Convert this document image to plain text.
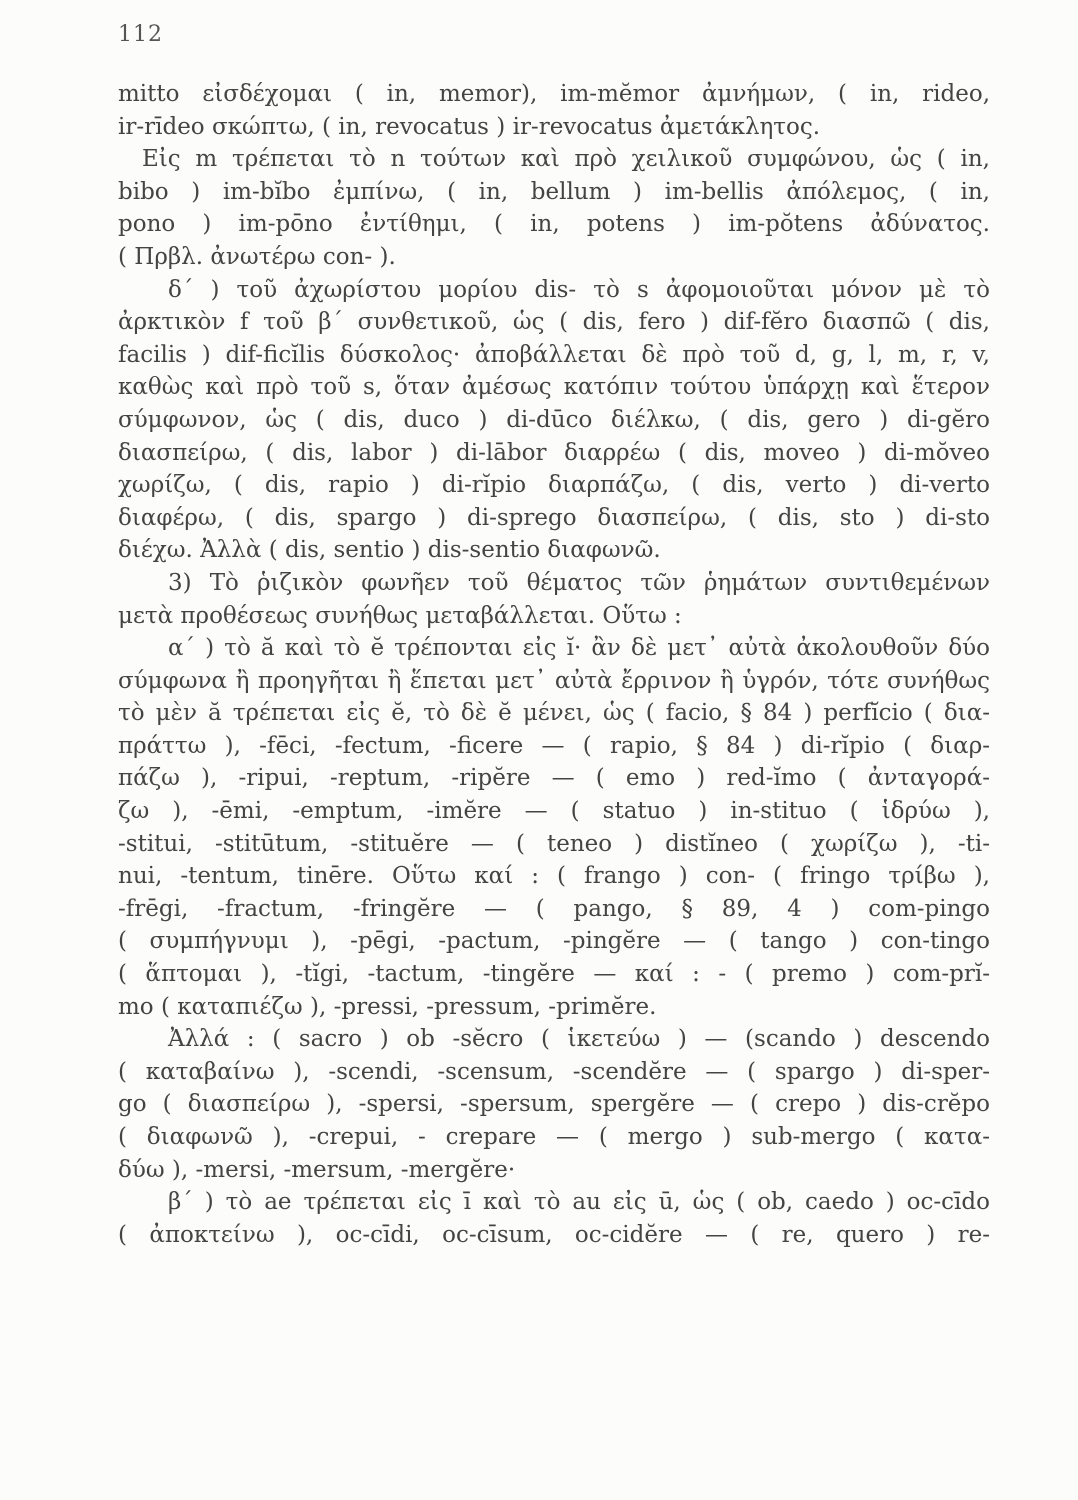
112
mitto εἰσδέχομαι ( in, memor), im-mĕmor ἀμνήμων, ( in, rideo,
ir-rīdeo σκώπτω, ( in, revocatus ) ir-revocatus ἀμετάκλητος.
Εἰς m τρέπεται τὸ n τούτων καὶ πρὸ χειλικοῦ συμφώνου, ὡς ( in,
bibo ) im-bĭbo ἐμπίνω, ( in, bellum ) im-bellis ἀπόλεμος, ( in,
pono ) im-pōno ἐντίθημι, ( in, potens ) im-pŏtens ἀδύνατος.
( Πρβλ. ἀνωτέρω con- ).
δ΄ ) τοῦ ἀχωρίστου μορίου dis- τὸ s ἀφομοιοῦται μόνον μὲ τὸ
ἀρκτικὸν f τοῦ β΄ συνθετικοῦ, ὡς ( dis, fero ) dif-fĕro διασπῶ ( dis,
facilis ) dif-ficĭlis δύσκολος· ἀποβάλλεται δὲ πρὸ τοῦ d, g, l, m, r, v,
καθὼς καὶ πρὸ τοῦ s, ὅταν ἀμέσως κατόπιν τούτου ὑπάρχῃ καὶ ἕτερον
σύμφωνον, ὡς ( dis, duco ) di-dūco διέλκω, ( dis, gero ) di-gĕro
διασπείρω, ( dis, labor ) di-lābor διαρρέω ( dis, moveo ) di-mŏveo
χωρίζω, ( dis, rapio ) di-rĭpio διαρπάζω, ( dis, verto ) di-verto
διαφέρω, ( dis, spargo ) di-sprego διασπείρω, ( dis, sto ) di-sto
διέχω. Ἀλλὰ ( dis, sentio ) dis-sentio διαφωνῶ.
3) Τὸ ῥιζικὸν φωνῆεν τοῦ θέματος τῶν ῥημάτων συντιθεμένων
μετὰ προθέσεως συνήθως μεταβάλλεται. Οὕτω :
α΄ ) τὸ ă καὶ τὸ ĕ τρέπονται εἰς ĭ· ἂν δὲ μετ᾽ αὐτὰ ἀκολουθοῦν δύο
σύμφωνα ἢ προηγῆται ἢ ἕπεται μετ᾽ αὐτὰ ἔρρινον ἢ ὑγρόν, τότε συνήθως
τὸ μὲν ă τρέπεται εἰς ĕ, τὸ δὲ ĕ μένει, ὡς ( facio, § 84 ) perfĭcio ( δια-
πράττω ), -fēci, -fectum, -ficere — ( rapio, § 84 ) di-rĭpio ( διαρ-
πάζω ), -ripui, -reptum, -ripĕre — ( emo ) red-ĭmo ( ἀνταγορά-
ζω ), -ēmi, -emptum, -imĕre — ( statuo ) in-stituo ( ἱδρύω ),
-stitui, -stitūtum, -stituĕre — ( teneo ) distĭneo ( χωρίζω ), -ti-
nui, -tentum, tinēre. Οὕτω καί : ( frango ) con- ( fringo τρίβω ),
-frēgi, -fractum, -fringĕre — ( pango, § 89, 4 ) com-pingo
( συμπήγνυμι ), -pēgi, -pactum, -pingĕre — ( tango ) con-tingo
( ἅπτομαι ), -tĭgi, -tactum, -tingĕre — καί : - ( premo ) com-prĭ-
mo ( καταπιέζω ), -pressi, -pressum, -primĕre.
Ἀλλά : ( sacro ) ob -sĕcro ( ἱκετεύω ) — (scando ) descendo
( καταβαίνω ), -scendi, -scensum, -scendĕre — ( spargo ) di-sper-
go ( διασπείρω ), -spersi, -spersum, spergĕre — ( crepo ) dis-crĕpo
( διαφωνῶ ), -crepui, - crepare — ( mergo ) sub-mergo ( κατα-
δύω ), -mersi, -mersum, -mergĕre·
β΄ ) τὸ ae τρέπεται εἰς ī καὶ τὸ au εἰς ū, ὡς ( ob, caedo ) oc-cīdo
( ἀποκτείνω ), oc-cīdi, oc-cīsum, oc-cidĕre — ( re, quero ) re-
